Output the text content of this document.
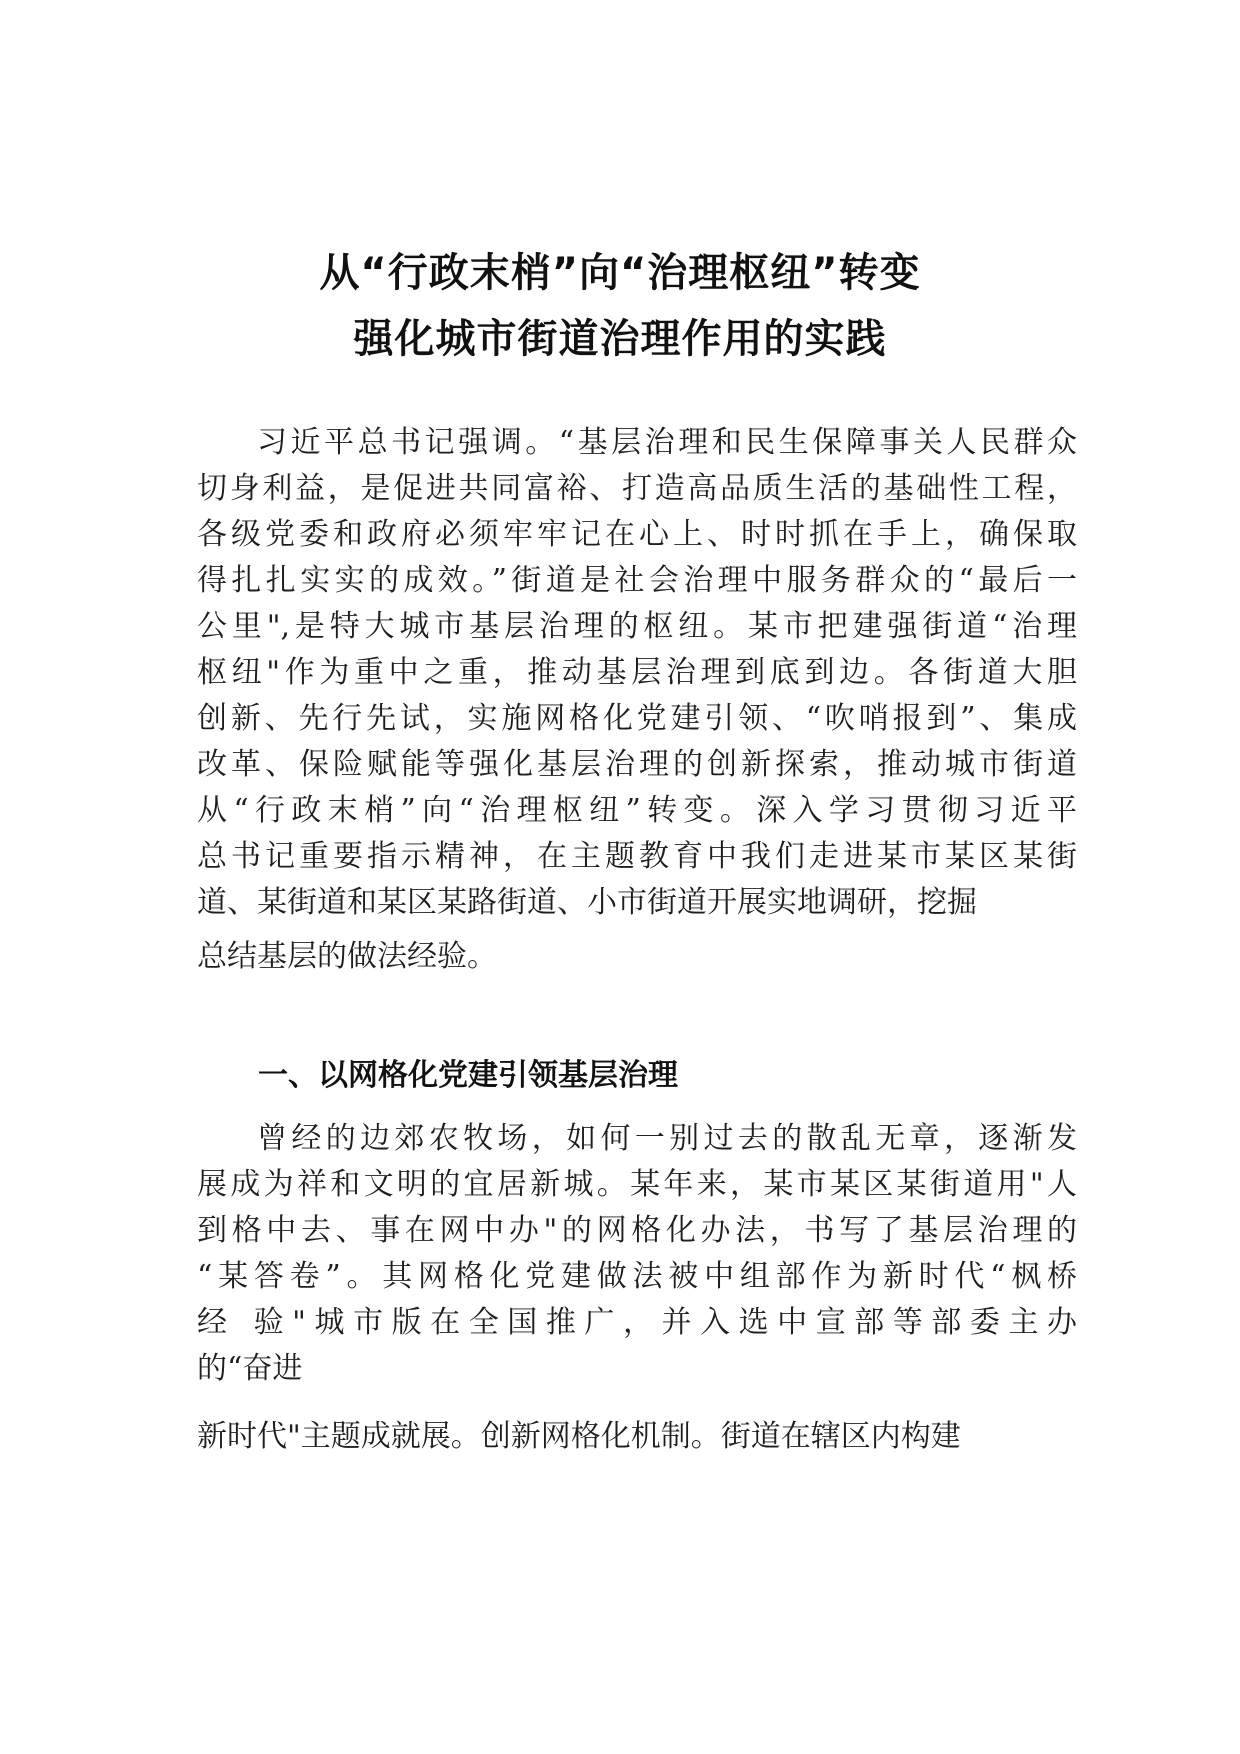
从“行政末梢”向“治理枢纽”转变
强化城市街道治理作用的实践
习近平总书记强调。“基层治理和民生保障事关人民群众
切身利益，是促进共同富裕、打造高品质生活的基础性工程，
各级党委和政府必须牢牢记在心上、时时抓在手上，确保取
得扎扎实实的成效。”街道是社会治理中服务群众的“最后一
公里",是特大城市基层治理的枢纽。某市把建强街道“治理
枢纽"作为重中之重，推动基层治理到底到边。各街道大胆
创新、先行先试，实施网格化党建引领、“吹哨报到”、集成
改革、保险赋能等强化基层治理的创新探索，推动城市街道
从“行政末梢”向“治理枢纽”转变。深入学习贯彻习近平
总书记重要指示精神，在主题教育中我们走进某市某区某街
道、某街道和某区某路街道、小市街道开展实地调研，挖掘
总结基层的做法经验。
一、以网格化党建引领基层治理
曾经的边郊农牧场，如何一别过去的散乱无章，逐渐发
展成为祥和文明的宜居新城。某年来，某市某区某街道用"人
到格中去、事在网中办"的网格化办法，书写了基层治理的
“某答卷”。其网格化党建做法被中组部作为新时代“枫桥
经 验"城市版在全国推广，并入选中宣部等部委主办
的“奋进
新时代"主题成就展。创新网格化机制。街道在辖区内构建
